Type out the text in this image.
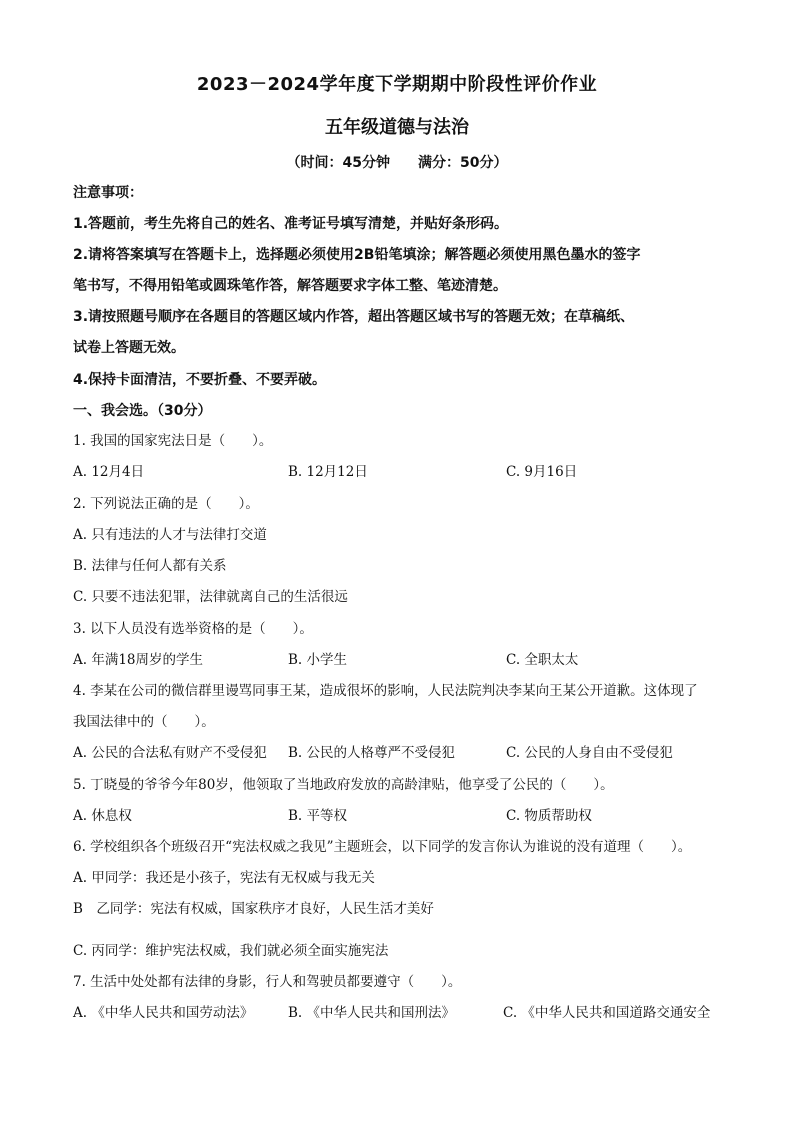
2023－2024学年度下学期期中阶段性评价作业
五年级道德与法治
（时间：45分钟　　满分：50分）
注意事项：
1.答题前，考生先将自己的姓名、准考证号填写清楚，并贴好条形码。
2.请将答案填写在答题卡上，选择题必须使用2B铅笔填涂；解答题必须使用黑色墨水的签字
笔书写，不得用铅笔或圆珠笔作答，解答题要求字体工整、笔迹清楚。
3.请按照题号顺序在各题目的答题区域内作答，超出答题区域书写的答题无效；在草稿纸、
试卷上答题无效。
4.保持卡面清洁，不要折叠、不要弄破。
一、我会选。（30分）
1. 我国的国家宪法日是（　　）。
A. 12月4日	B. 12月12日	C. 9月16日
2. 下列说法正确的是（　　）。
A. 只有违法的人才与法律打交道
B. 法律与任何人都有关系
C. 只要不违法犯罪，法律就离自己的生活很远
3. 以下人员没有选举资格的是（　　）。
A. 年满18周岁的学生	B. 小学生	C. 全职太太
4. 李某在公司的微信群里谩骂同事王某，造成很坏的影响，人民法院判决李某向王某公开道歉。这体现了
我国法律中的（　　）。
A. 公民的合法私有财产不受侵犯 B. 公民的人格尊严不受侵犯	C. 公民的人身自由不受侵犯
5. 丁晓曼的爷爷今年80岁，他领取了当地政府发放的高龄津贴，他享受了公民的（　　）。
A. 休息权	B. 平等权	C. 物质帮助权
6. 学校组织各个班级召开“宪法权威之我见”主题班会，以下同学的发言你认为谁说的没有道理（　　）。
A. 甲同学：我还是小孩子，宪法有无权威与我无关
B　乙同学：宪法有权威，国家秩序才良好，人民生活才美好
C. 丙同学：维护宪法权威，我们就必须全面实施宪法
7. 生活中处处都有法律的身影，行人和驾驶员都要遵守（　　）。
A. 《中华人民共和国劳动法》	B. 《中华人民共和国刑法》	C. 《中华人民共和国道路交通安全
